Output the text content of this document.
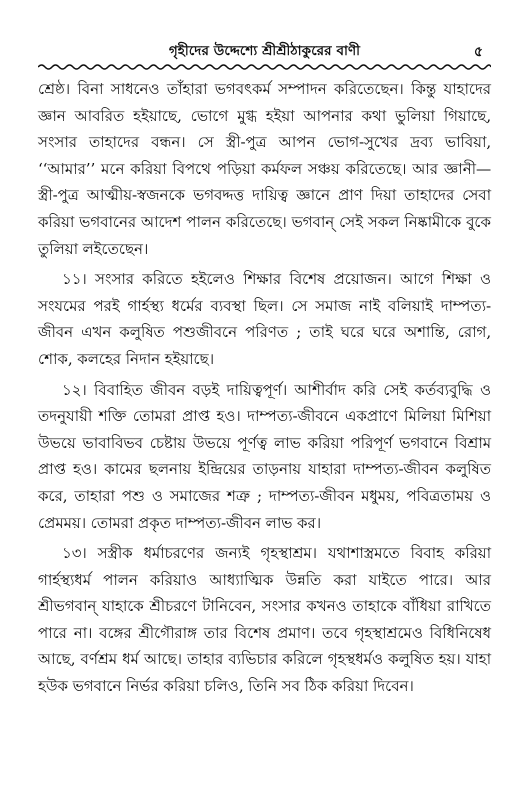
গৃহীদের উদ্দেশ্যে শ্রীশ্রীঠাকুরের বাণী	৫

শ্রেষ্ঠ। বিনা সাধনেও তাঁহারা ভগবৎকর্ম সম্পাদন করিতেছেন। কিন্তু যাহাদের জ্ঞান আবরিত হইয়াছে, ভোগে মুগ্ধ হইয়া আপনার কথা ভুলিয়া গিয়াছে, সংসার তাহাদের বন্ধন। সে স্ত্রী-পুত্র আপন ভোগ-সুখের দ্রব্য ভাবিয়া, ‘‘আমার’’ মনে করিয়া বিপথে পড়িয়া কর্মফল সঞ্চয় করিতেছে। আর জ্ঞানী—স্ত্রী-পুত্র আত্মীয়-স্বজনকে ভগবদ্দত্ত দায়িত্ব জ্ঞানে প্রাণ দিয়া তাহাদের সেবা করিয়া ভগবানের আদেশ পালন করিতেছে। ভগবান্‌ সেই সকল নিষ্কামীকে বুকে তুলিয়া লইতেছেন।

১১। সংসার করিতে হইলেও শিক্ষার বিশেষ প্রয়োজন। আগে শিক্ষা ও সংযমের পরই গার্হস্থ্য ধর্মের ব্যবস্থা ছিল। সে সমাজ নাই বলিয়াই দাম্পত্য-জীবন এখন কলুষিত পশুজীবনে পরিণত ; তাই ঘরে ঘরে অশান্তি, রোগ, শোক, কলহের নিদান হইয়াছে।

১২। বিবাহিত জীবন বড়ই দায়িত্বপূর্ণ। আশীর্বাদ করি সেই কর্তব্যবুদ্ধি ও তদনুযায়ী শক্তি তোমরা প্রাপ্ত হও। দাম্পত্য-জীবনে একপ্রাণে মিলিয়া মিশিয়া উভয়ে ভাবাবিভব চেষ্টায় উভয়ে পূর্ণত্ব লাভ করিয়া পরিপূর্ণ ভগবানে বিশ্রাম প্রাপ্ত হও। কামের ছলনায় ইন্দ্রিয়ের তাড়নায় যাহারা দাম্পত্য-জীবন কলুষিত করে, তাহারা পশু ও সমাজের শত্রু ; দাম্পত্য-জীবন মধুময়, পবিত্রতাময় ও প্রেমময়। তোমরা প্রকৃত দাম্পত্য-জীবন লাভ কর।

১৩। সস্ত্রীক ধর্মাচরণের জন্যই গৃহস্থাশ্রম। যথাশাস্ত্রমতে বিবাহ করিয়া গার্হস্থ্যধর্ম পালন করিয়াও আধ্যাত্মিক উন্নতি করা যাইতে পারে। আর শ্রীভগবান্‌ যাহাকে শ্রীচরণে টানিবেন, সংসার কখনও তাহাকে বাঁধিয়া রাখিতে পারে না। বঙ্গের শ্রীগৌরাঙ্গ তার বিশেষ প্রমাণ। তবে গৃহস্থাশ্রমেও বিধিনিষেধ আছে, বর্ণশ্রম ধর্ম আছে। তাহার ব্যভিচার করিলে গৃহস্থধর্মও কলুষিত হয়। যাহা হউক ভগবানে নির্ভর করিয়া চলিও, তিনি সব ঠিক করিয়া দিবেন।
